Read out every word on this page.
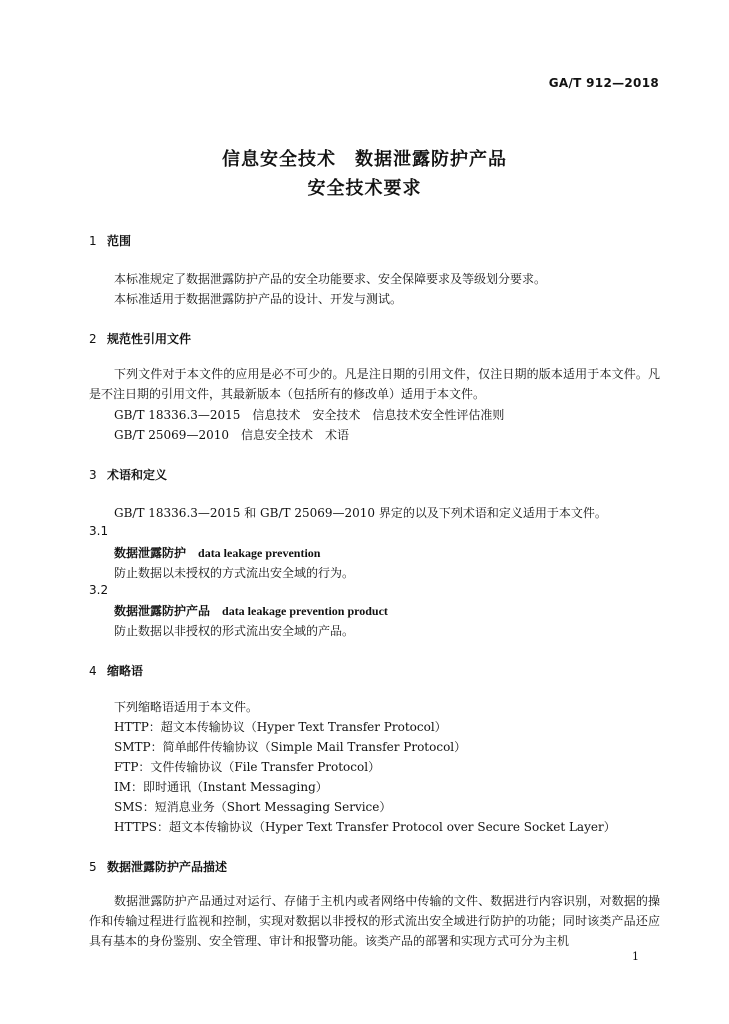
GA/T 912—2018
信息安全技术　数据泄露防护产品
安全技术要求
1 范围
本标准规定了数据泄露防护产品的安全功能要求、安全保障要求及等级划分要求。
本标准适用于数据泄露防护产品的设计、开发与测试。
2 规范性引用文件
下列文件对于本文件的应用是必不可少的。凡是注日期的引用文件，仅注日期的版本适用于本文件。凡是不注日期的引用文件，其最新版本（包括所有的修改单）适用于本文件。
GB/T 18336.3—2015　信息技术　安全技术　信息技术安全性评估准则
GB/T 25069—2010　信息安全技术　术语
3 术语和定义
GB/T 18336.3—2015 和 GB/T 25069—2010 界定的以及下列术语和定义适用于本文件。
3.1
数据泄露防护 data leakage prevention
防止数据以未授权的方式流出安全域的行为。
3.2
数据泄露防护产品 data leakage prevention product
防止数据以非授权的形式流出安全域的产品。
4 缩略语
下列缩略语适用于本文件。
HTTP：超文本传输协议（Hyper Text Transfer Protocol）
SMTP：简单邮件传输协议（Simple Mail Transfer Protocol）
FTP：文件传输协议（File Transfer Protocol）
IM：即时通讯（Instant Messaging）
SMS：短消息业务（Short Messaging Service）
HTTPS：超文本传输协议（Hyper Text Transfer Protocol over Secure Socket Layer）
5 数据泄露防护产品描述
数据泄露防护产品通过对运行、存储于主机内或者网络中传输的文件、数据进行内容识别，对数据的操作和传输过程进行监视和控制，实现对数据以非授权的形式流出安全域进行防护的功能；同时该类产品还应具有基本的身份鉴别、安全管理、审计和报警功能。该类产品的部署和实现方式可分为主机
1
